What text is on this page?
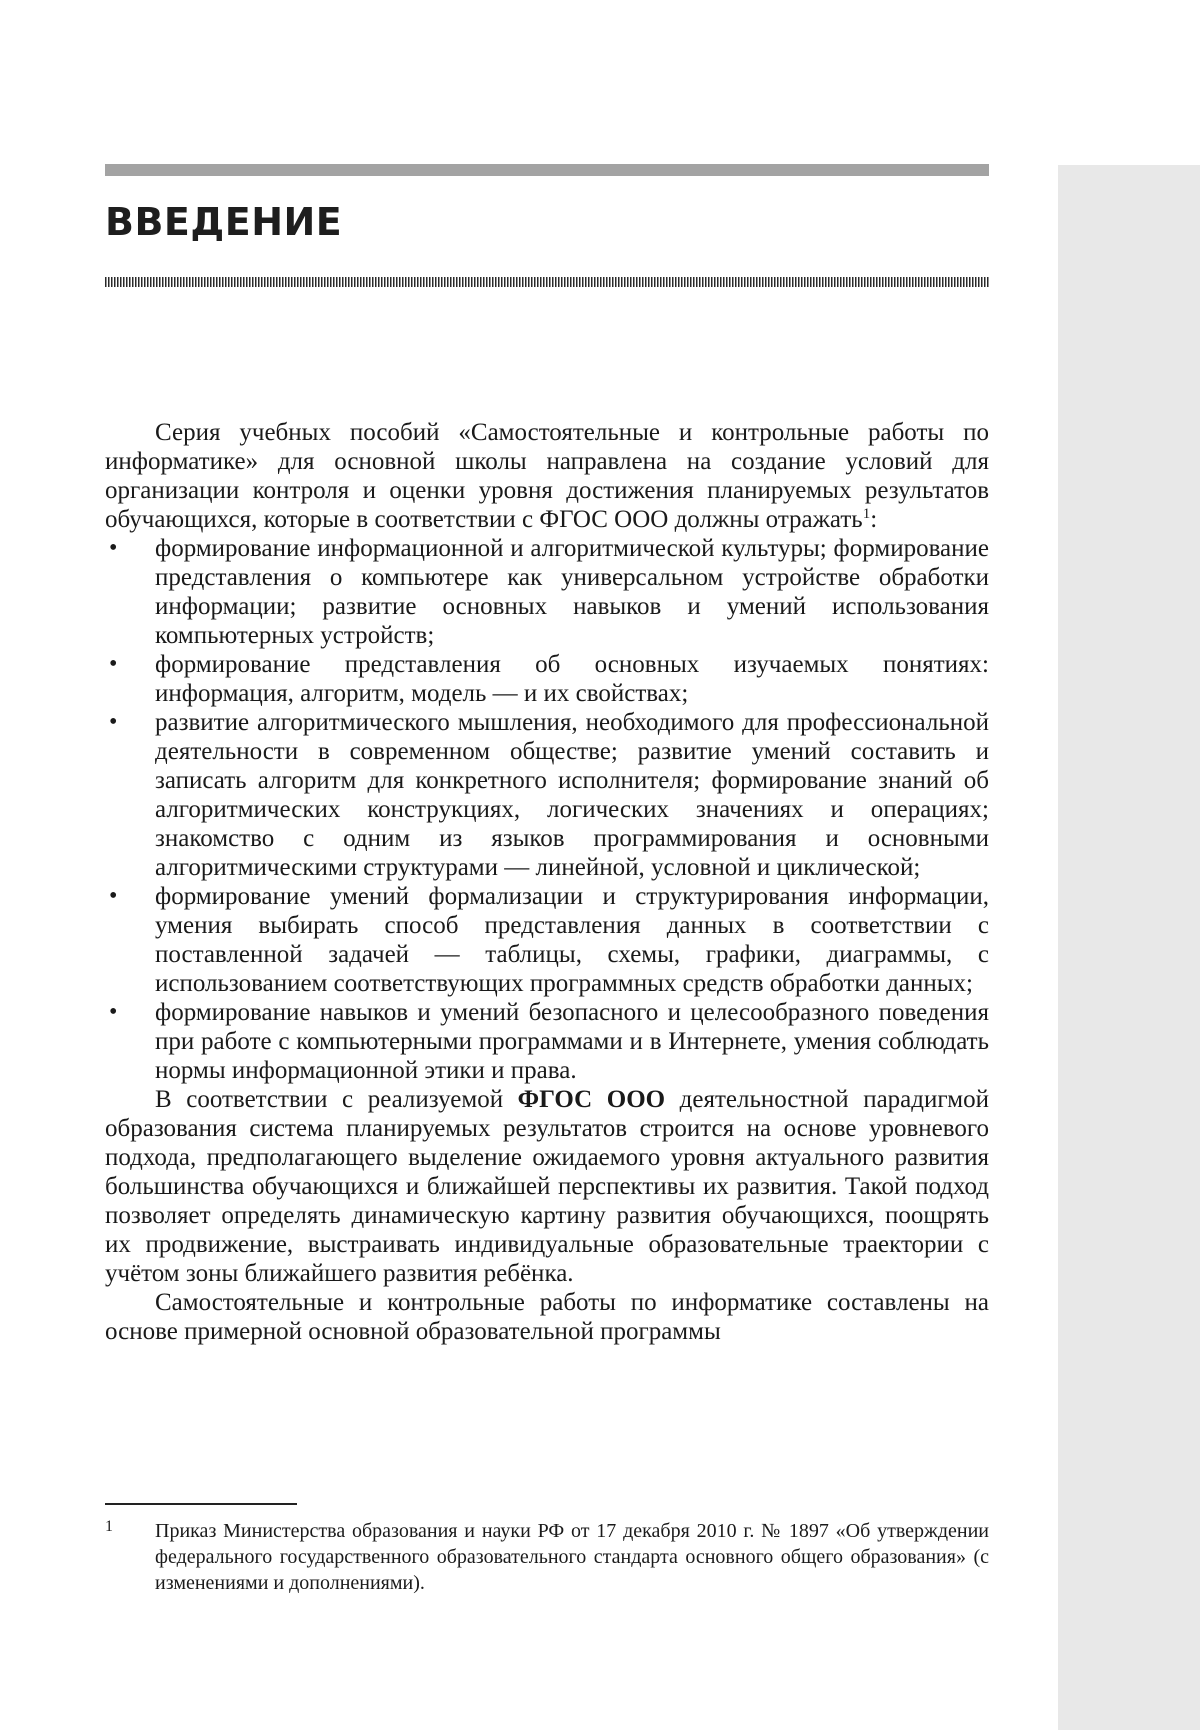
ВВЕДЕНИЕ

Серия учебных пособий «Самостоятельные и контрольные работы по информатике» для основной школы направлена на создание условий для организации контроля и оценки уровня достижения планируемых результатов обучающихся, которые в соответствии с ФГОС ООО должны отражать$^1$:

• формирование информационной и алгоритмической культуры; формирование представления о компьютере как универсальном устройстве обработки информации; развитие основных навыков и умений использования компьютерных устройств;
• формирование представления об основных изучаемых понятиях: информация, алгоритм, модель — и их свойствах;
• развитие алгоритмического мышления, необходимого для профессиональной деятельности в современном обществе; развитие умений составить и записать алгоритм для конкретного исполнителя; формирование знаний об алгоритмических конструкциях, логических значениях и операциях; знакомство с одним из языков программирования и основными алгоритмическими структурами — линейной, условной и циклической;
• формирование умений формализации и структурирования информации, умения выбирать способ представления данных в соответствии с поставленной задачей — таблицы, схемы, графики, диаграммы, с использованием соответствующих программных средств обработки данных;
• формирование навыков и умений безопасного и целесообразного поведения при работе с компьютерными программами и в Интернете, умения соблюдать нормы информационной этики и права.

В соответствии с реализуемой ФГОС ООО деятельностной парадигмой образования система планируемых результатов строится на основе уровневого подхода, предполагающего выделение ожидаемого уровня актуального развития большинства обучающихся и ближайшей перспективы их развития. Такой подход позволяет определять динамическую картину развития обучающихся, поощрять их продвижение, выстраивать индивидуальные образовательные траектории с учётом зоны ближайшего развития ребёнка.

Самостоятельные и контрольные работы по информатике составлены на основе примерной основной образовательной программы

1 Приказ Министерства образования и науки РФ от 17 декабря 2010 г. № 1897 «Об утверждении федерального государственного образовательного стандарта основного общего образования» (с изменениями и дополнениями).
